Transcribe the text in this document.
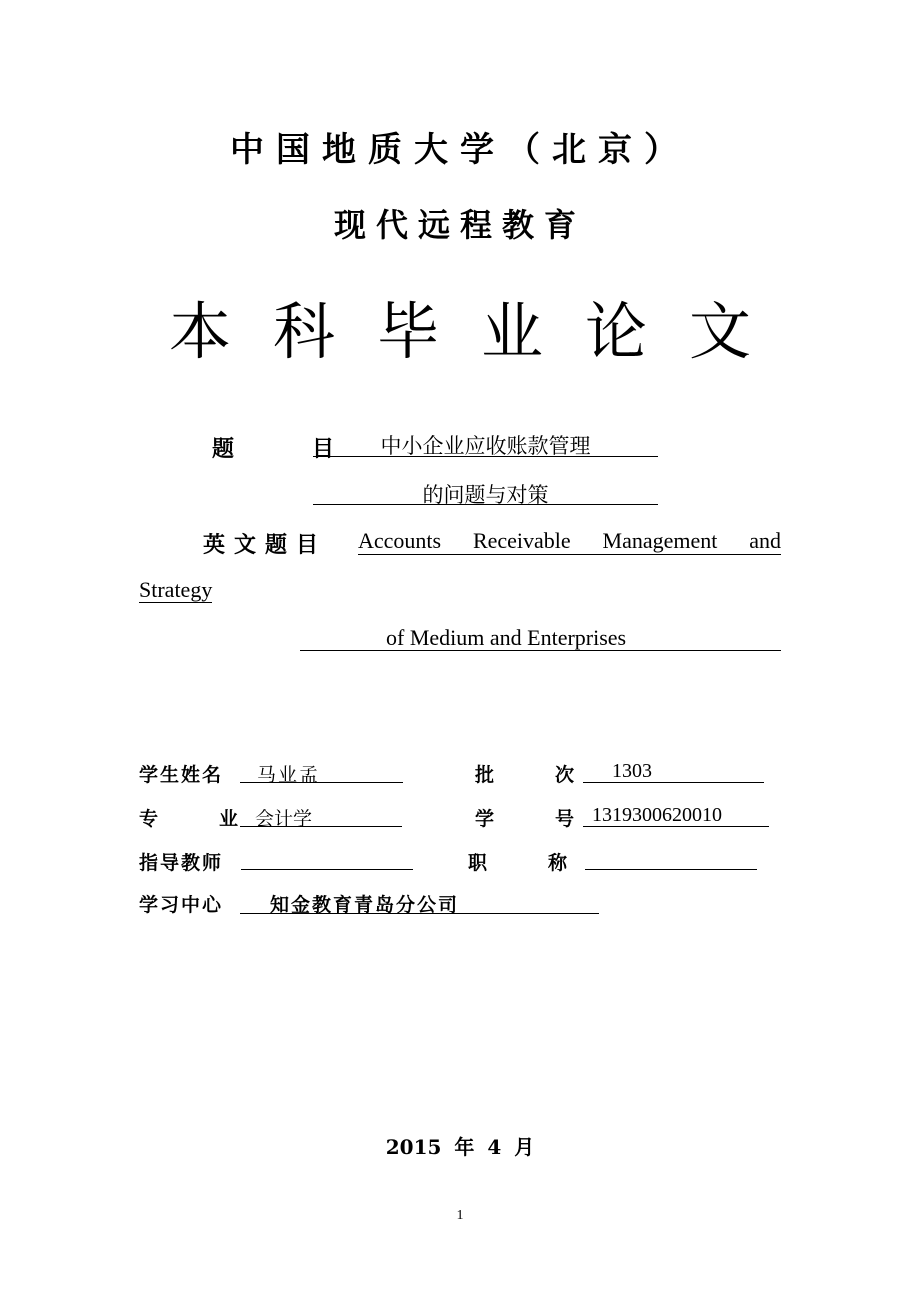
中国地质大学（北京）
现代远程教育
本科毕业论文
题	目	中小企业应收账款管理
的问题与对策
英文题目 Accounts Receivable Management and
Strategy
of Medium and Enterprises
学生姓名 马业孟	批	次 1303
专	业 会计学	学	号 1319300620010
指导教师	职	称
学习中心 知金教育青岛分公司
2015 年 4 月
1
